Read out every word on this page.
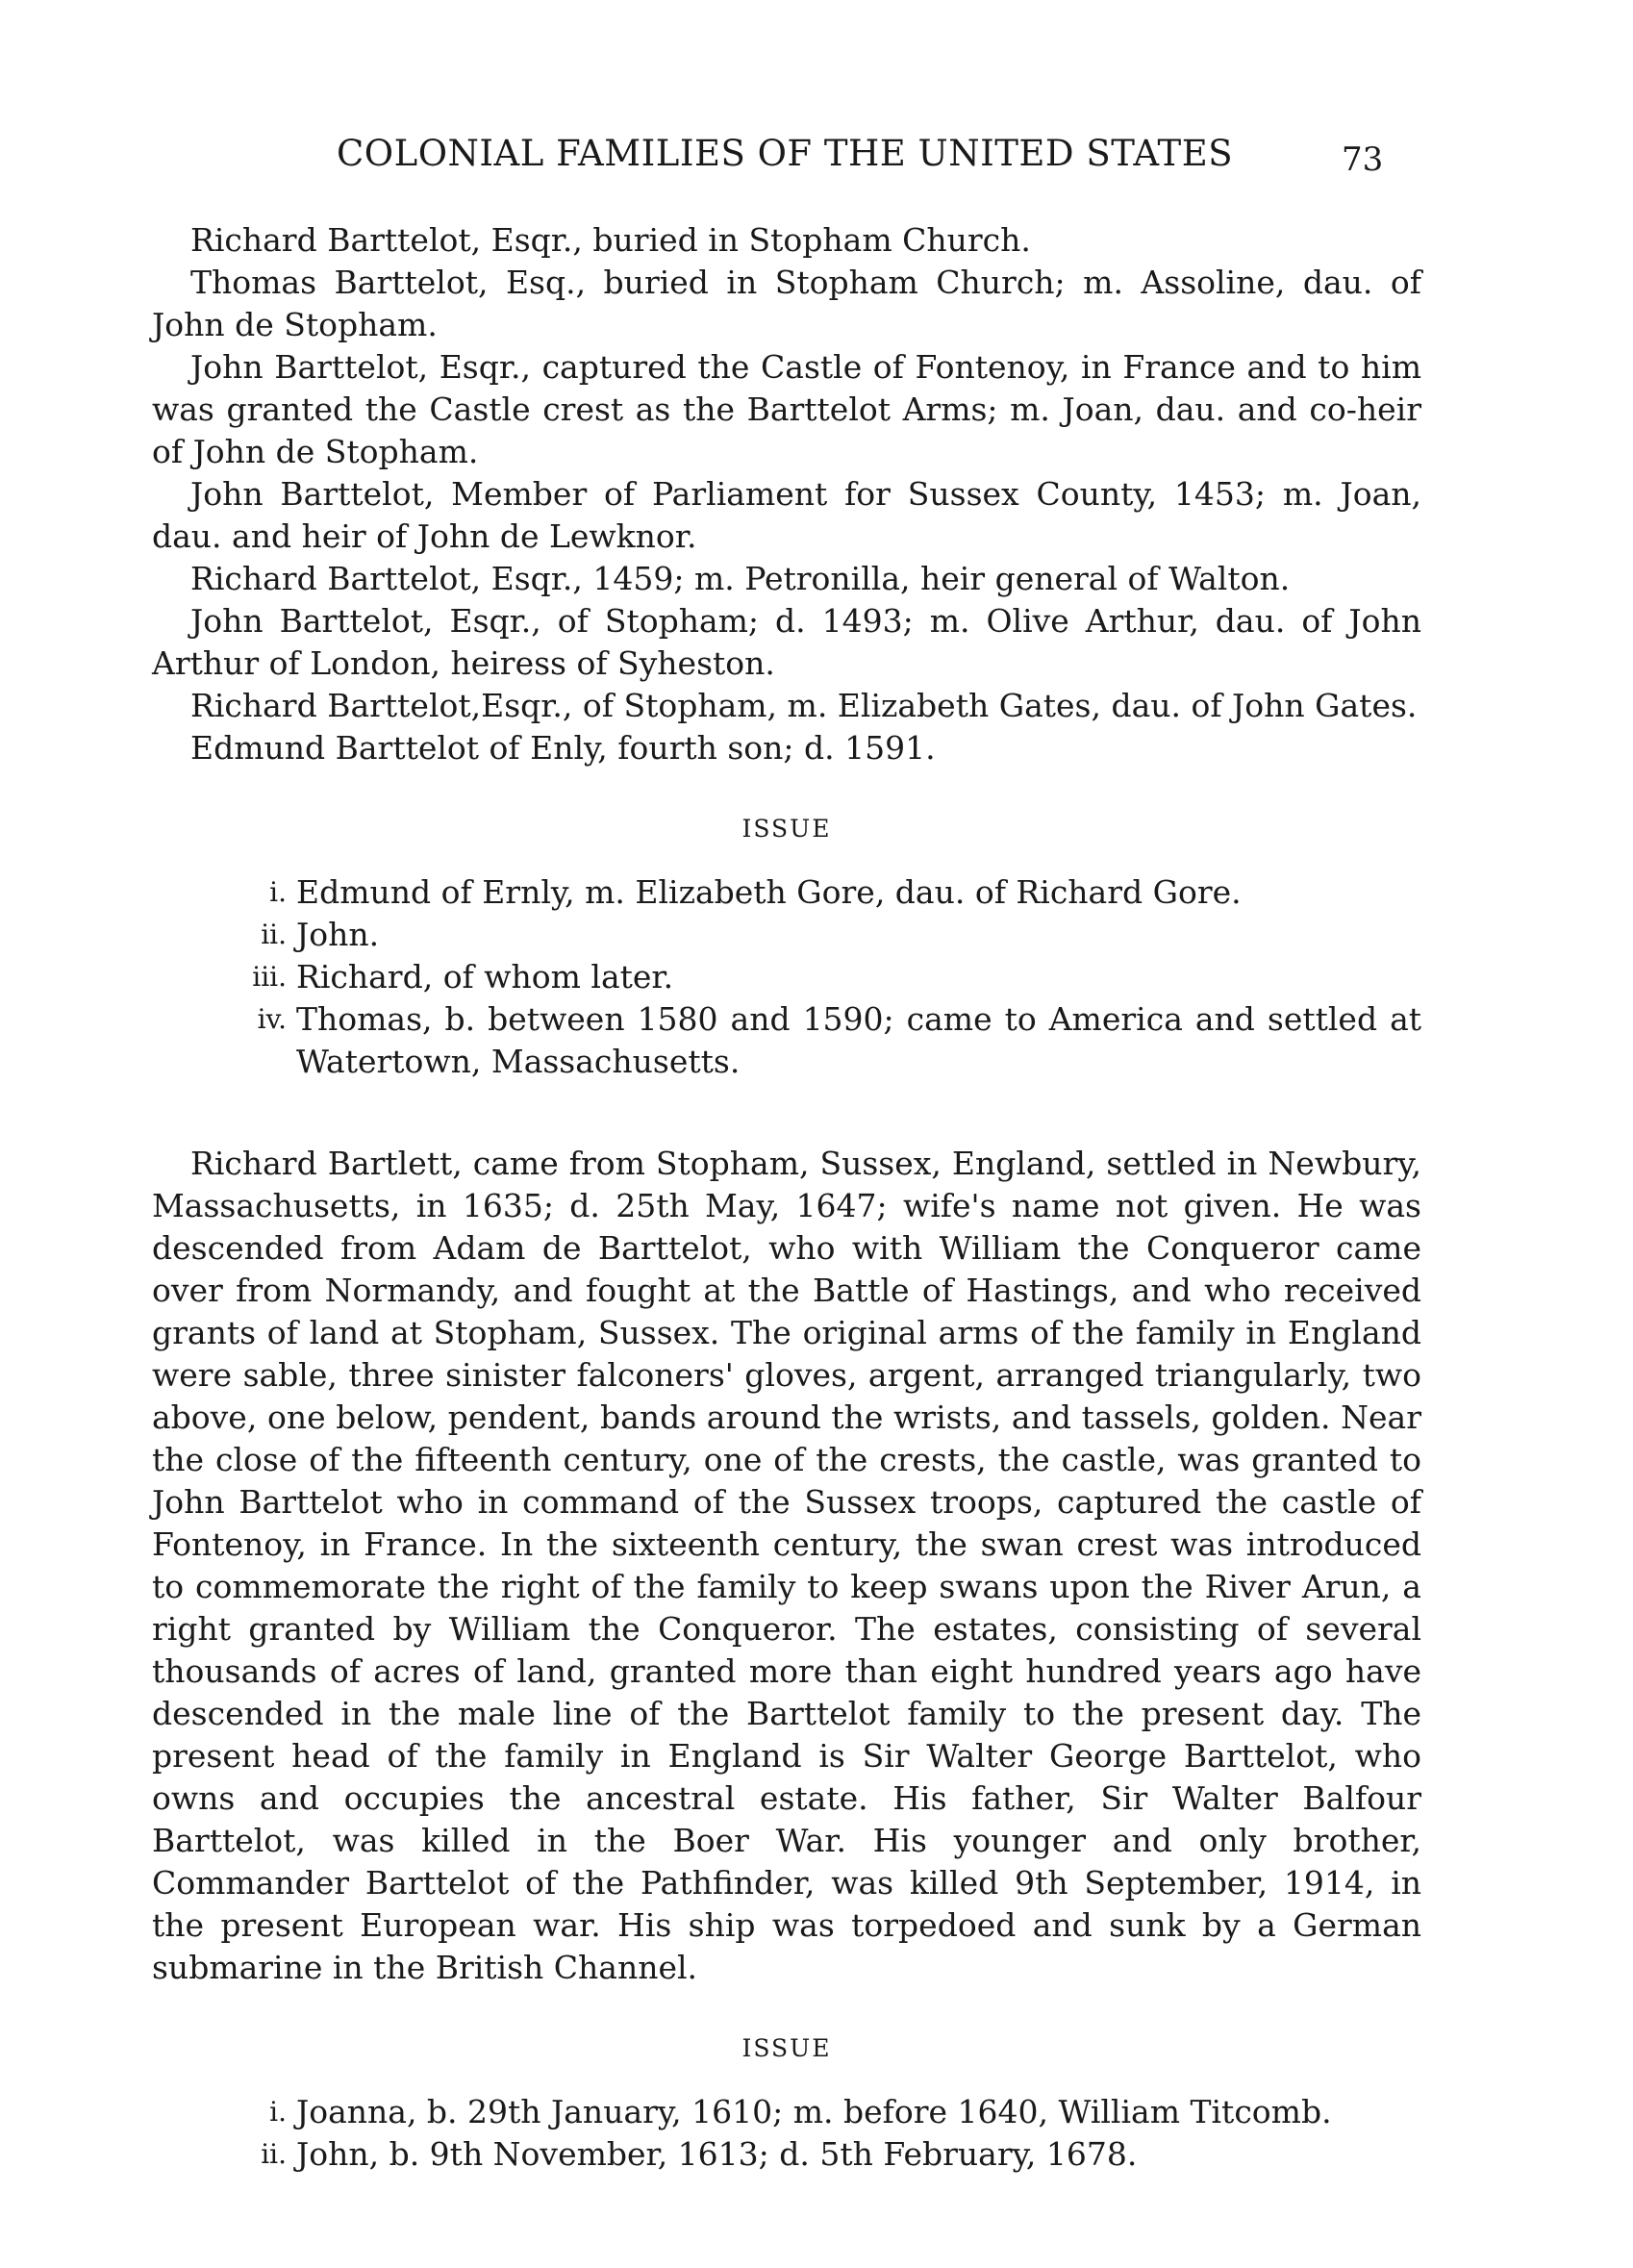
COLONIAL FAMILIES OF THE UNITED STATES	73

Richard Barttelot, Esqr., buried in Stopham Church.

Thomas Barttelot, Esq., buried in Stopham Church; m. Assoline, dau. of John de Stopham.

John Barttelot, Esqr., captured the Castle of Fontenoy, in France and to him was granted the Castle crest as the Barttelot Arms; m. Joan, dau. and co-heir of John de Stopham.

John Barttelot, Member of Parliament for Sussex County, 1453; m. Joan, dau. and heir of John de Lewknor.

Richard Barttelot, Esqr., 1459; m. Petronilla, heir general of Walton.

John Barttelot, Esqr., of Stopham; d. 1493; m. Olive Arthur, dau. of John Arthur of London, heiress of Syheston.

Richard Barttelot,Esqr., of Stopham, m. Elizabeth Gates, dau. of John Gates.

Edmund Barttelot of Enly, fourth son; d. 1591.

ISSUE
i. Edmund of Ernly, m. Elizabeth Gore, dau. of Richard Gore.
ii. John.
iii. Richard, of whom later.
iv. Thomas, b. between 1580 and 1590; came to America and settled at Watertown, Massachusetts.

Richard Bartlett, came from Stopham, Sussex, England, settled in Newbury, Massachusetts, in 1635; d. 25th May, 1647; wife's name not given. He was descended from Adam de Barttelot, who with William the Conqueror came over from Normandy, and fought at the Battle of Hastings, and who received grants of land at Stopham, Sussex. The original arms of the family in England were sable, three sinister falconers' gloves, argent, arranged triangularly, two above, one below, pendent, bands around the wrists, and tassels, golden. Near the close of the fifteenth century, one of the crests, the castle, was granted to John Barttelot who in command of the Sussex troops, captured the castle of Fontenoy, in France. In the sixteenth century, the swan crest was introduced to commemorate the right of the family to keep swans upon the River Arun, a right granted by William the Conqueror. The estates, consisting of several thousands of acres of land, granted more than eight hundred years ago have descended in the male line of the Barttelot family to the present day. The present head of the family in England is Sir Walter George Barttelot, who owns and occupies the ancestral estate. His father, Sir Walter Balfour Barttelot, was killed in the Boer War. His younger and only brother, Commander Barttelot of the Pathfinder, was killed 9th September, 1914, in the present European war. His ship was torpedoed and sunk by a German submarine in the British Channel.

ISSUE
i. Joanna, b. 29th January, 1610; m. before 1640, William Titcomb.
ii. John, b. 9th November, 1613; d. 5th February, 1678.
